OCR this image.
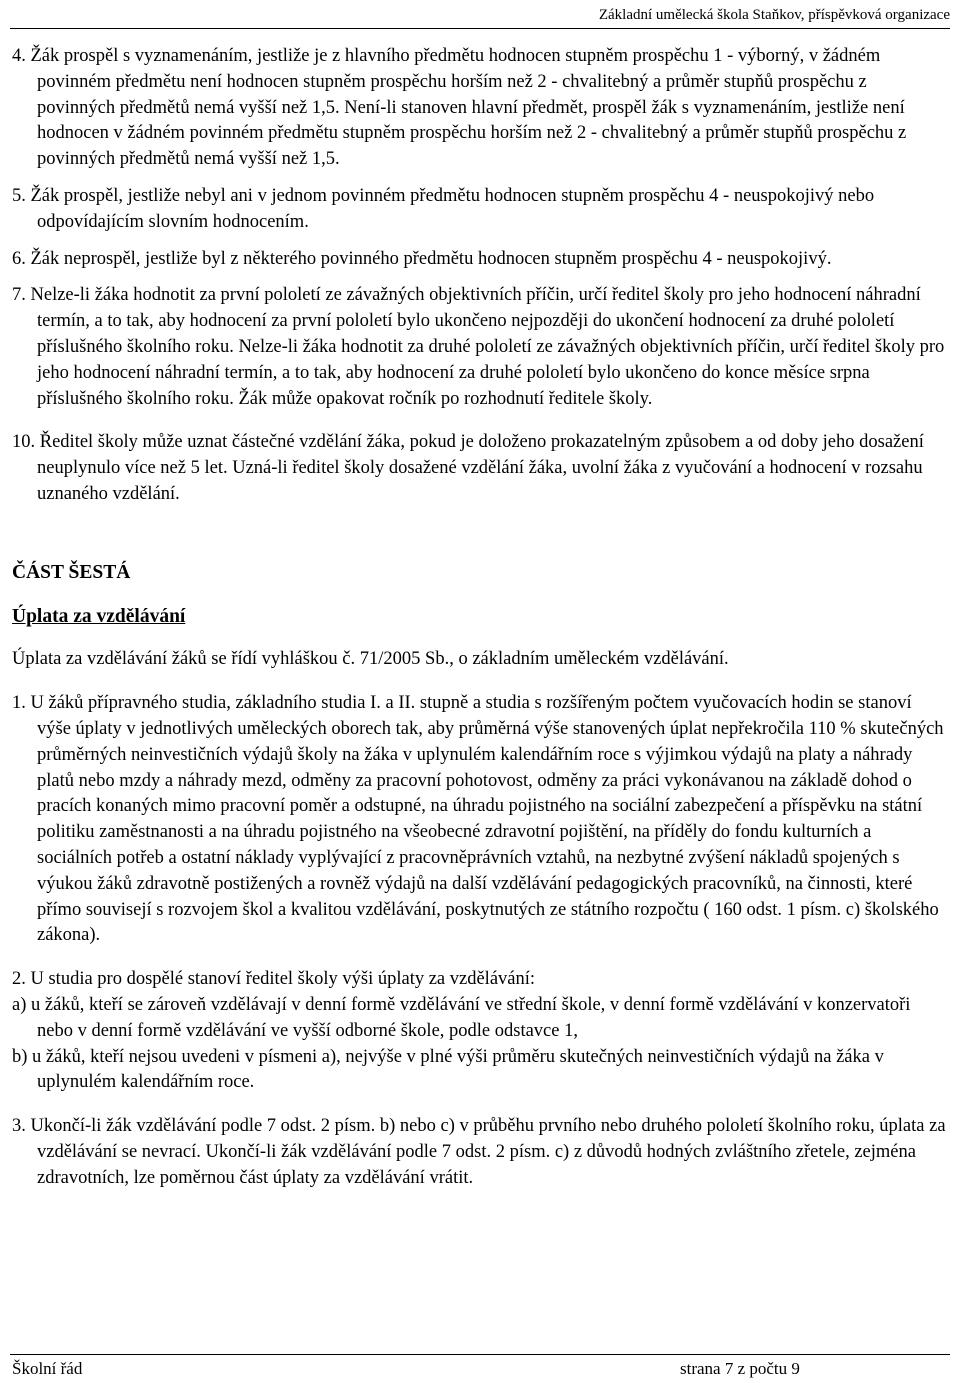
Základní umělecká škola Staňkov, příspěvková organizace
4. Žák prospěl s vyznamenáním, jestliže je z hlavního předmětu hodnocen stupněm prospěchu 1 - výborný, v žádném povinném předmětu není hodnocen stupněm prospěchu horším než 2 - chvalitebný a průměr stupňů prospěchu z povinných předmětů nemá vyšší než 1,5. Není-li stanoven hlavní předmět, prospěl žák s vyznamenáním, jestliže není hodnocen v žádném povinném předmětu stupněm prospěchu horším než 2 - chvalitebný a průměr stupňů prospěchu z povinných předmětů nemá vyšší než 1,5.
5. Žák prospěl, jestliže nebyl ani v jednom povinném předmětu hodnocen stupněm prospěchu 4 - neuspokojivý nebo odpovídajícím slovním hodnocením.
6. Žák neprospěl, jestliže byl z některého povinného předmětu hodnocen stupněm prospěchu 4 - neuspokojivý.
7. Nelze-li žáka hodnotit za první pololetí ze závažných objektivních příčin, určí ředitel školy pro jeho hodnocení náhradní termín, a to tak, aby hodnocení za první pololetí bylo ukončeno nejpozději do ukončení hodnocení za druhé pololetí příslušného školního roku. Nelze-li žáka hodnotit za druhé pololetí ze závažných objektivních příčin, určí ředitel školy pro jeho hodnocení náhradní termín, a to tak, aby hodnocení za druhé pololetí bylo ukončeno do konce měsíce srpna příslušného školního roku. Žák může opakovat ročník po rozhodnutí ředitele školy.
10. Ředitel školy může uznat částečné vzdělání žáka, pokud je doloženo prokazatelným způsobem a od doby jeho dosažení neuplynulo více než 5 let. Uzná-li ředitel školy dosažené vzdělání žáka, uvolní žáka z vyučování a hodnocení v rozsahu uznaného vzdělání.
ČÁST ŠESTÁ
Úplata za vzdělávání
Úplata za vzdělávání žáků se řídí vyhláškou č. 71/2005 Sb., o základním uměleckém vzdělávání.
1. U žáků přípravného studia, základního studia I. a II. stupně a studia s rozšířeným počtem vyučovacích hodin se stanoví výše úplaty v jednotlivých uměleckých oborech tak, aby průměrná výše stanovených úplat nepřekročila 110 % skutečných průměrných neinvestičních výdajů školy na žáka v uplynulém kalendářním roce s výjimkou výdajů na platy a náhrady platů nebo mzdy a náhrady mezd, odměny za pracovní pohotovost, odměny za práci vykonávanou na základě dohod o pracích konaných mimo pracovní poměr a odstupné, na úhradu pojistného na sociální zabezpečení a příspěvku na státní politiku zaměstnanosti a na úhradu pojistného na všeobecné zdravotní pojištění, na příděly do fondu kulturních a sociálních potřeb a ostatní náklady vyplývající z pracovněprávních vztahů, na nezbytné zvýšení nákladů spojených s výukou žáků zdravotně postižených a rovněž výdajů na další vzdělávání pedagogických pracovníků, na činnosti, které přímo souvisejí s rozvojem škol a kvalitou vzdělávání, poskytnutých ze státního rozpočtu ( 160 odst. 1 písm. c) školského zákona).
2. U studia pro dospělé stanoví ředitel školy výši úplaty za vzdělávání:
a) u žáků, kteří se zároveň vzdělávají v denní formě vzdělávání ve střední škole, v denní formě vzdělávání v konzervatoři nebo v denní formě vzdělávání ve vyšší odborné škole, podle odstavce 1,
b) u žáků, kteří nejsou uvedeni v písmeni a), nejvýše v plné výši průměru skutečných neinvestičních výdajů na žáka v uplynulém kalendářním roce.
3. Ukončí-li žák vzdělávání podle 7 odst. 2 písm. b) nebo c) v průběhu prvního nebo druhého pololetí školního roku, úplata za vzdělávání se nevrací. Ukončí-li žák vzdělávání podle 7 odst. 2 písm. c) z důvodů hodných zvláštního zřetele, zejména zdravotních, lze poměrnou část úplaty za vzdělávání vrátit.
Školní řád	strana 7 z počtu 9
